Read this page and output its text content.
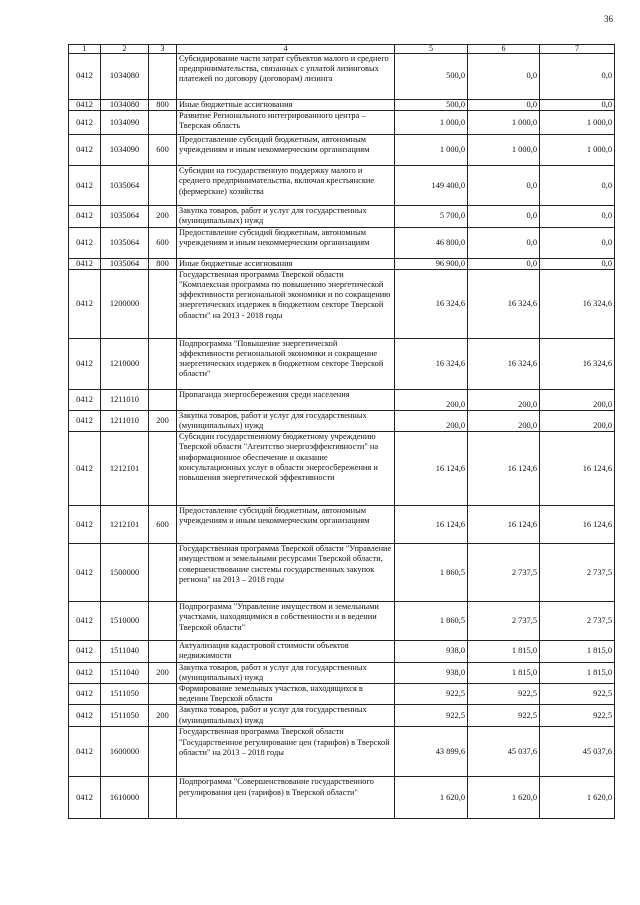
36
1	2	3	4	5	6	7
0412	1034080		Субсидирование части затрат субъектов малого и среднего предпринимательства, связанных с уплатой лизинговых платежей по договору (договорам) лизинга	500,0	0,0	0,0
0412	1034080	800	Иные бюджетные ассигнования	500,0	0,0	0,0
0412	1034090		Развитие Регионального интегрированного центра – Тверская область	1 000,0	1 000,0	1 000,0
0412	1034090	600	Предоставление субсидий бюджетным, автономным учреждениям и иным некоммерческим организациям	1 000,0	1 000,0	1 000,0
0412	1035064		Субсидии на государственную поддержку малого и среднего предпринимательства, включая крестьянские (фермерские) хозяйства	149 400,0	0,0	0,0
0412	1035064	200	Закупка товаров, работ и услуг для государственных (муниципальных) нужд	5 700,0	0,0	0,0
0412	1035064	600	Предоставление субсидий бюджетным, автономным учреждениям и иным некоммерческим организациям	46 800,0	0,0	0,0
0412	1035064	800	Иные бюджетные ассигнования	96 900,0	0,0	0,0
0412	1200000		Государственная программа Тверской области "Комплексная программа по повышению энергетической эффективности региональной экономики и по сокращению энергетических издержек в бюджетном секторе Тверской области" на 2013 - 2018 годы	16 324,6	16 324,6	16 324,6
0412	1210000		Подпрограмма "Повышение энергетической эффективности региональной экономики и сокращение энергетических издержек в бюджетном секторе Тверской области"	16 324,6	16 324,6	16 324,6
0412	1211010		Пропаганда энергосбережения среди населения	200,0	200,0	200,0
0412	1211010	200	Закупка товаров, работ и услуг для государственных (муниципальных) нужд	200,0	200,0	200,0
0412	1212101		Субсидии государственному бюджетному учреждению Тверской области "Агентство энергоэффективности" на информационное обеспечение и оказание консультационных услуг в области энергосбережения и повышения энергетической эффективности	16 124,6	16 124,6	16 124,6
0412	1212101	600	Предоставление субсидий бюджетным, автономным учреждениям и иным некоммерческим организациям	16 124,6	16 124,6	16 124,6
0412	1500000		Государственная программа Тверской области "Управление имуществом и земельными ресурсами Тверской области, совершенствование системы государственных закупок региона" на 2013 – 2018 годы	1 860,5	2 737,5	2 737,5
0412	1510000		Подпрограмма "Управление имуществом и земельными участками, находящимися в собственности и в ведении Тверской области"	1 860,5	2 737,5	2 737,5
0412	1511040		Актуализация кадастровой стоимости объектов недвижимости	938,0	1 815,0	1 815,0
0412	1511040	200	Закупка товаров, работ и услуг для государственных (муниципальных) нужд	938,0	1 815,0	1 815,0
0412	1511050		Формирование земельных участков, находящихся в ведении Тверской области	922,5	922,5	922,5
0412	1511050	200	Закупка товаров, работ и услуг для государственных (муниципальных) нужд	922,5	922,5	922,5
0412	1600000		Государственная программа Тверской области "Государственное регулирование цен (тарифов) в Тверской области" на 2013 – 2018 годы	43 899,6	45 037,6	45 037,6
0412	1610000		Подпрограмма "Совершенствование государственного регулирования цен (тарифов) в Тверской области"	1 620,0	1 620,0	1 620,0
